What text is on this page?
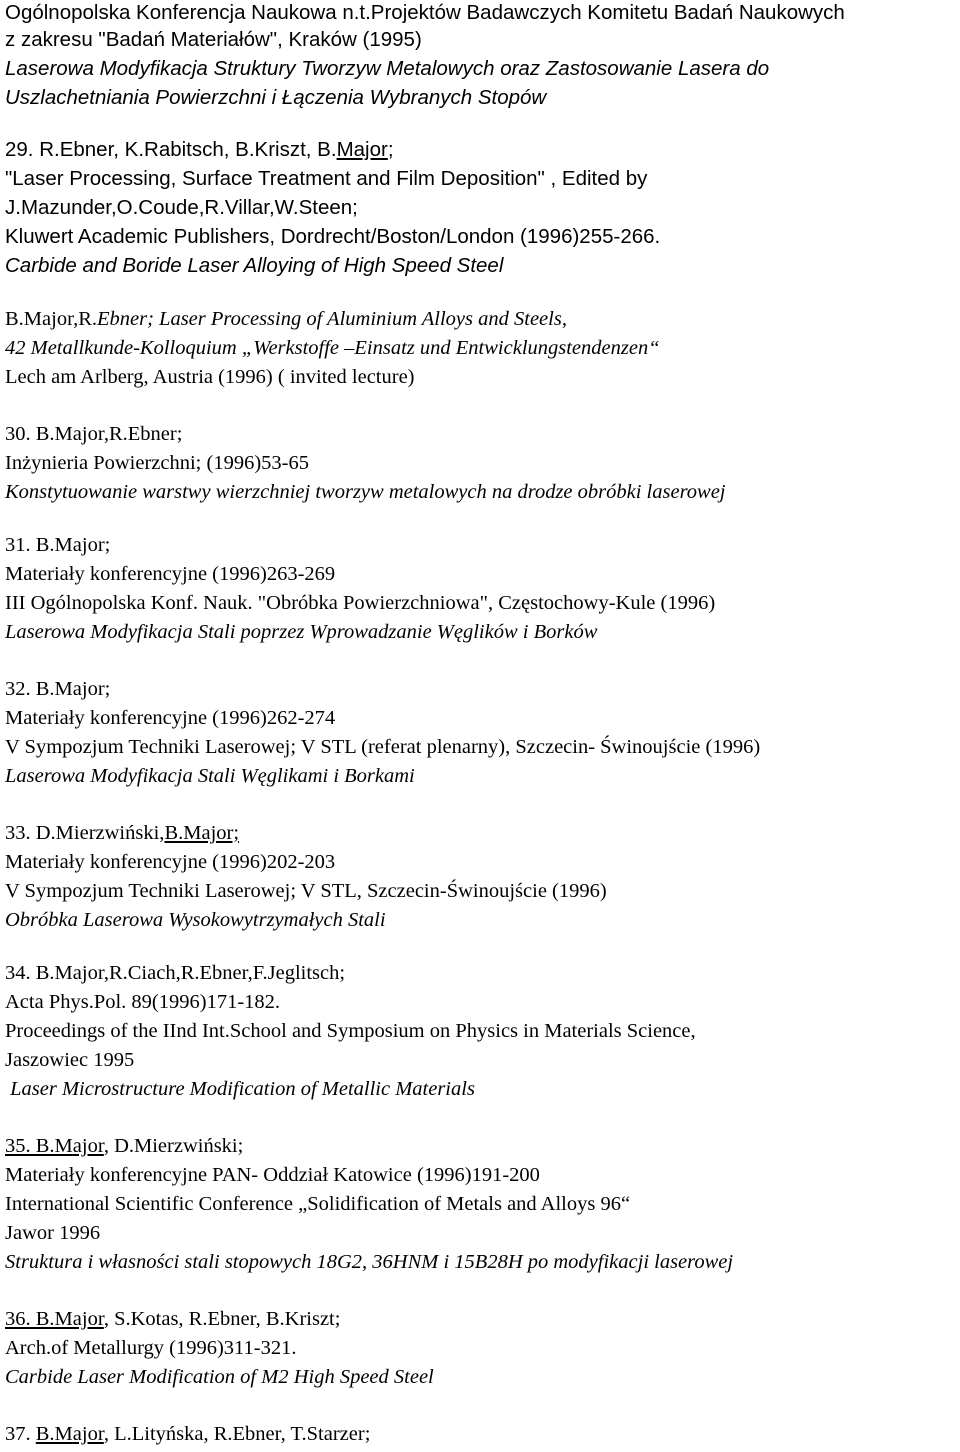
Ogólnopolska Konferencja Naukowa n.t.Projektów Badawczych Komitetu Badań Naukowych
z zakresu "Badań Materiałów", Kraków (1995)
Laserowa Modyfikacja Struktury Tworzyw Metalowych oraz Zastosowanie Lasera do
Uszlachetniania Powierzchni i Łączenia Wybranych Stopów
29. R.Ebner, K.Rabitsch, B.Kriszt, B.Major;
"Laser Processing, Surface Treatment and Film Deposition" , Edited by
J.Mazunder,O.Coude,R.Villar,W.Steen;
Kluwert Academic Publishers, Dordrecht/Boston/London (1996)255-266.
Carbide and Boride Laser Alloying of High Speed Steel
B.Major,R.Ebner; Laser Processing of Aluminium Alloys and Steels,
42 Metallkunde-Kolloquium „Werkstoffe –Einsatz und Entwicklungstendenzen“
Lech am Arlberg, Austria (1996) ( invited lecture)
30. B.Major,R.Ebner;
Inżynieria Powierzchni; (1996)53-65
Konstytuowanie warstwy wierzchniej tworzyw metalowych na drodze obróbki laserowej
31. B.Major;
Materiały konferencyjne (1996)263-269
III Ogólnopolska Konf. Nauk. "Obróbka Powierzchniowa", Częstochowy-Kule (1996)
Laserowa Modyfikacja Stali poprzez Wprowadzanie Węglików i Borków
32. B.Major;
Materiały konferencyjne (1996)262-274
V Sympozjum Techniki Laserowej; V STL (referat plenarny), Szczecin- Świnoujście (1996)
Laserowa Modyfikacja Stali Węglikami i Borkami
33. D.Mierzwiński,B.Major;
Materiały konferencyjne (1996)202-203
V Sympozjum Techniki Laserowej; V STL, Szczecin-Świnoujście (1996)
Obróbka Laserowa Wysokowytrzymałych Stali
34. B.Major,R.Ciach,R.Ebner,F.Jeglitsch;
Acta Phys.Pol. 89(1996)171-182.
Proceedings of the IInd Int.School and Symposium on Physics in Materials Science,
Jaszowiec 1995
Laser Microstructure Modification of Metallic Materials
35. B.Major, D.Mierzwiński;
Materiały konferencyjne PAN- Oddział Katowice (1996)191-200
International Scientific Conference „Solidification of Metals and Alloys 96“
Jawor 1996
Struktura i własności stali stopowych 18G2, 36HNM i 15B28H po modyfikacji laserowej
36. B.Major, S.Kotas, R.Ebner, B.Kriszt;
Arch.of Metallurgy (1996)311-321.
Carbide Laser Modification of M2 High Speed Steel
37. B.Major, L.Lityńska, R.Ebner, T.Starzer;
